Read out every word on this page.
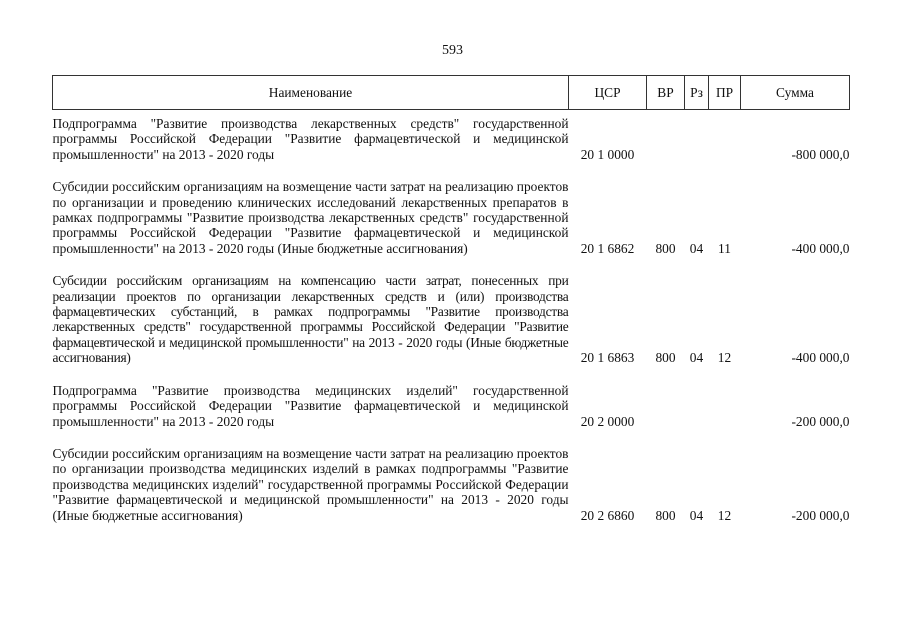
593
Наименование	ЦСР	ВР	Рз	ПР	Сумма

Подпрограмма "Развитие производства лекарственных средств" государственной программы Российской Федерации "Развитие фармацевтической и медицинской промышленности" на 2013 - 2020 годы	20 1 0000				-800 000,0
Субсидии российским организациям на возмещение части затрат на реализацию проектов по организации и проведению клинических исследований лекарственных препаратов в рамках подпрограммы "Развитие производства лекарственных средств" государственной программы Российской Федерации "Развитие фармацевтической и медицинской промышленности" на 2013 - 2020 годы (Иные бюджетные ассигнования)	20 1 6862	800	04	11	-400 000,0
Субсидии российским организациям на компенсацию части затрат, понесенных при реализации проектов по организации лекарственных средств и (или) производства фармацевтических субстанций, в рамках подпрограммы "Развитие производства лекарственных средств" государственной программы Российской Федерации "Развитие фармацевтической и медицинской промышленности" на 2013 - 2020 годы (Иные бюджетные ассигнования)	20 1 6863	800	04	12	-400 000,0
Подпрограмма "Развитие производства медицинских изделий" государственной программы Российской Федерации "Развитие фармацевтической и медицинской промышленности" на 2013 - 2020 годы	20 2 0000				-200 000,0
Субсидии российским организациям на возмещение части затрат на реализацию проектов по организации производства медицинских изделий в рамках подпрограммы "Развитие производства медицинских изделий" государственной программы Российской Федерации "Развитие фармацевтической и медицинской промышленности" на 2013 - 2020 годы (Иные бюджетные ассигнования)	20 2 6860	800	04	12	-200 000,0
